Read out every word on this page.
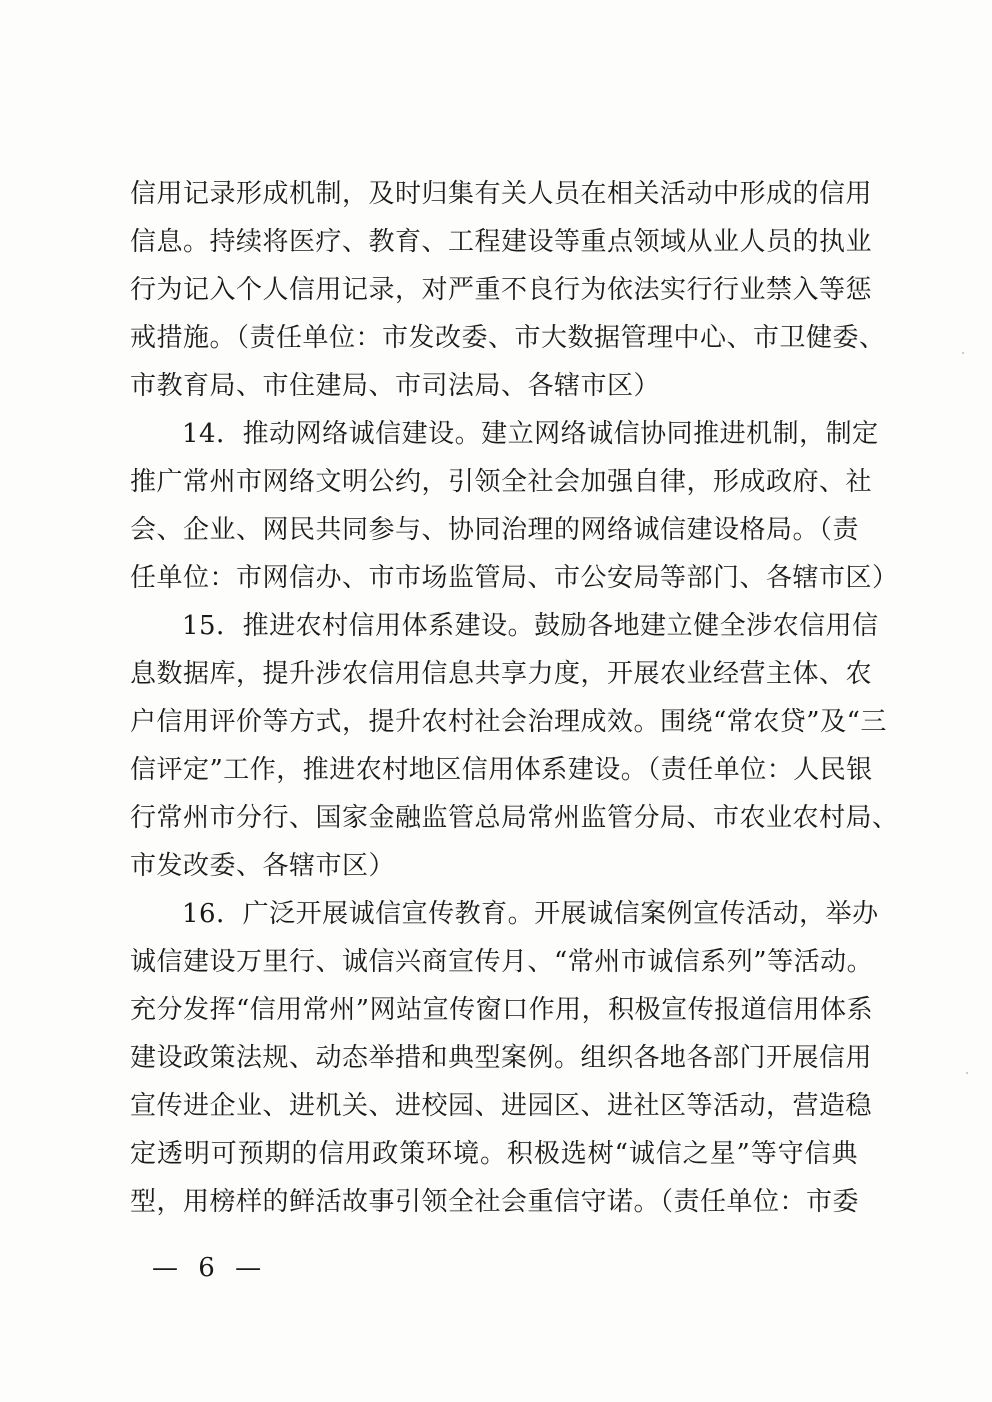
信用记录形成机制，及时归集有关人员在相关活动中形成的信用
信息。持续将医疗、教育、工程建设等重点领域从业人员的执业
行为记入个人信用记录，对严重不良行为依法实行行业禁入等惩
戒措施。（责任单位：市发改委、市大数据管理中心、市卫健委、
市教育局、市住建局、市司法局、各辖市区）
14．推动网络诚信建设。建立网络诚信协同推进机制，制定
推广常州市网络文明公约，引领全社会加强自律，形成政府、社
会、企业、网民共同参与、协同治理的网络诚信建设格局。（责
任单位：市网信办、市市场监管局、市公安局等部门、各辖市区）
15．推进农村信用体系建设。鼓励各地建立健全涉农信用信
息数据库，提升涉农信用信息共享力度，开展农业经营主体、农
户信用评价等方式，提升农村社会治理成效。围绕“常农贷”及“三
信评定”工作，推进农村地区信用体系建设。（责任单位：人民银
行常州市分行、国家金融监管总局常州监管分局、市农业农村局、
市发改委、各辖市区）
16．广泛开展诚信宣传教育。开展诚信案例宣传活动，举办
诚信建设万里行、诚信兴商宣传月、“常州市诚信系列”等活动。
充分发挥“信用常州”网站宣传窗口作用，积极宣传报道信用体系
建设政策法规、动态举措和典型案例。组织各地各部门开展信用
宣传进企业、进机关、进校园、进园区、进社区等活动，营造稳
定透明可预期的信用政策环境。积极选树“诚信之星”等守信典
型，用榜样的鲜活故事引领全社会重信守诺。（责任单位：市委
— 6 —
